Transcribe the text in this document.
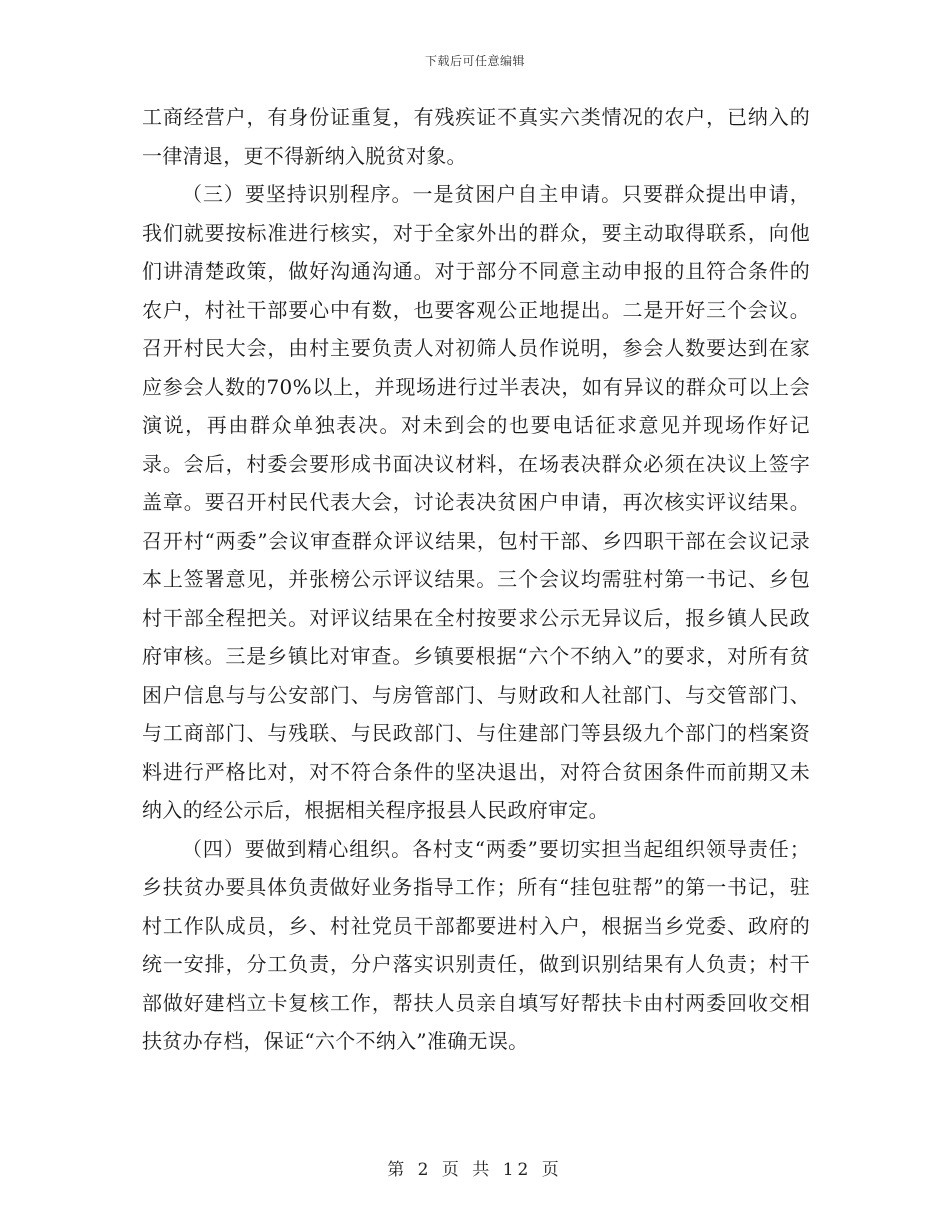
下载后可任意编辑

工商经营户，有身份证重复，有残疾证不真实六类情况的农户，已纳入的一律清退，更不得新纳入脱贫对象。

（三）要坚持识别程序。一是贫困户自主申请。只要群众提出申请，我们就要按标准进行核实，对于全家外出的群众，要主动取得联系，向他们讲清楚政策，做好沟通沟通。对于部分不同意主动申报的且符合条件的农户，村社干部要心中有数，也要客观公正地提出。二是开好三个会议。召开村民大会，由村主要负责人对初筛人员作说明，参会人数要达到在家应参会人数的70%以上，并现场进行过半表决，如有异议的群众可以上会演说，再由群众单独表决。对未到会的也要电话征求意见并现场作好记录。会后，村委会要形成书面决议材料，在场表决群众必须在决议上签字盖章。要召开村民代表大会，讨论表决贫困户申请，再次核实评议结果。召开村“两委”会议审查群众评议结果，包村干部、乡四职干部在会议记录本上签署意见，并张榜公示评议结果。三个会议均需驻村第一书记、乡包村干部全程把关。对评议结果在全村按要求公示无异议后，报乡镇人民政府审核。三是乡镇比对审查。乡镇要根据“六个不纳入”的要求，对所有贫困户信息与与公安部门、与房管部门、与财政和人社部门、与交管部门、与工商部门、与残联、与民政部门、与住建部门等县级九个部门的档案资料进行严格比对，对不符合条件的坚决退出，对符合贫困条件而前期又未纳入的经公示后，根据相关程序报县人民政府审定。

（四）要做到精心组织。各村支“两委”要切实担当起组织领导责任；乡扶贫办要具体负责做好业务指导工作；所有“挂包驻帮”的第一书记，驻村工作队成员，乡、村社党员干部都要进村入户，根据当乡党委、政府的统一安排，分工负责，分户落实识别责任，做到识别结果有人负责；村干部做好建档立卡复核工作，帮扶人员亲自填写好帮扶卡由村两委回收交相扶贫办存档，保证“六个不纳入”准确无误。

第 2 页 共 12 页
